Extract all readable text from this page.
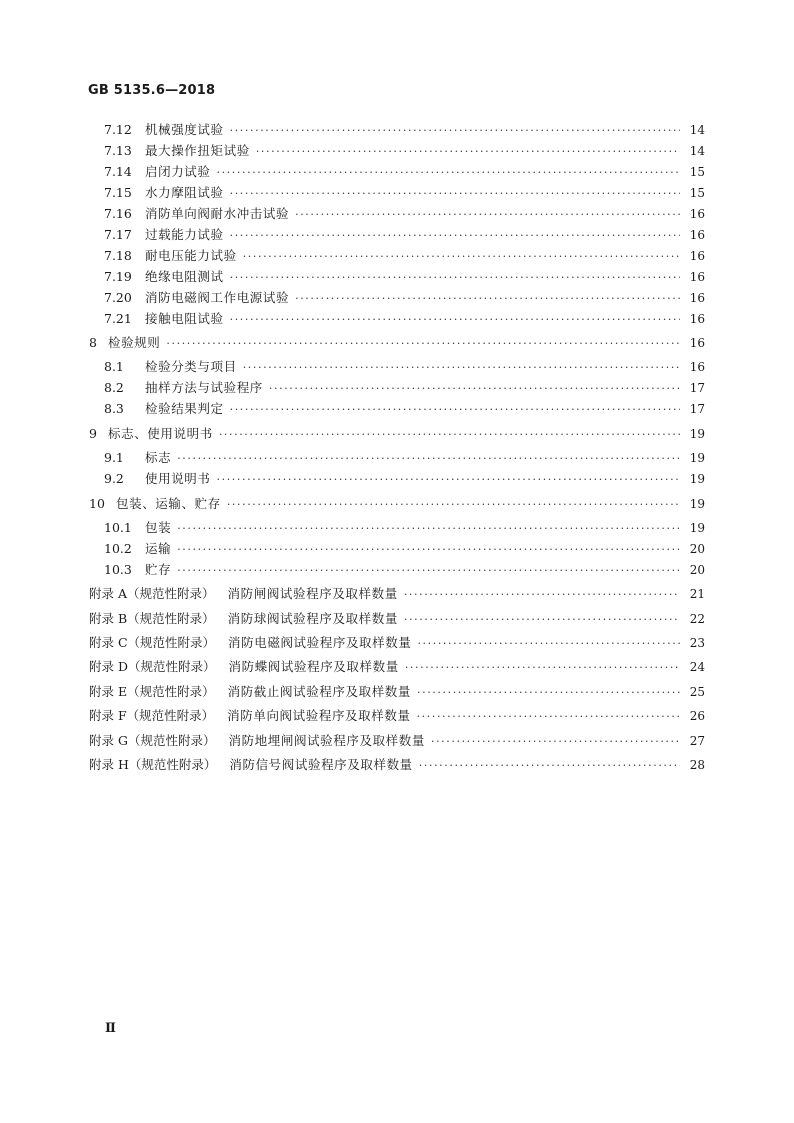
GB 5135.6—2018
7.12 机械强度试验 ·····	14
7.13 最大操作扭矩试验 ·····	14
7.14 启闭力试验 ·····	15
7.15 水力摩阻试验 ·····	15
7.16 消防单向阀耐水冲击试验 ·····	16
7.17 过载能力试验 ·····	16
7.18 耐电压能力试验 ·····	16
7.19 绝缘电阻测试 ·····	16
7.20 消防电磁阀工作电源试验 ·····	16
7.21 接触电阻试验 ·····	16
8 检验规则 ·····	16
8.1	检验分类与项目 ·····	16
8.2	抽样方法与试验程序 ·····	17
8.3	检验结果判定 ·····	17
9 标志、使用说明书 ·····	19
9.1	标志 ·····	19
9.2	使用说明书 ·····	19
10 包装、运输、贮存 ·····	19
10.1 包装 ·····	19
10.2 运输 ·····	20
10.3 贮存 ·····	20
附录 A（规范性附录） 消防闸阀试验程序及取样数量 ·····	21
附录 B（规范性附录） 消防球阀试验程序及取样数量 ·····	22
附录 C（规范性附录） 消防电磁阀试验程序及取样数量 ·····	23
附录 D（规范性附录） 消防蝶阀试验程序及取样数量 ·····	24
附录 E（规范性附录） 消防截止阀试验程序及取样数量 ·····	25
附录 F（规范性附录） 消防单向阀试验程序及取样数量 ·····	26
附录 G（规范性附录） 消防地埋闸阀试验程序及取样数量 ·····	27
附录 H（规范性附录） 消防信号阀试验程序及取样数量 ·····	28
Ⅱ
